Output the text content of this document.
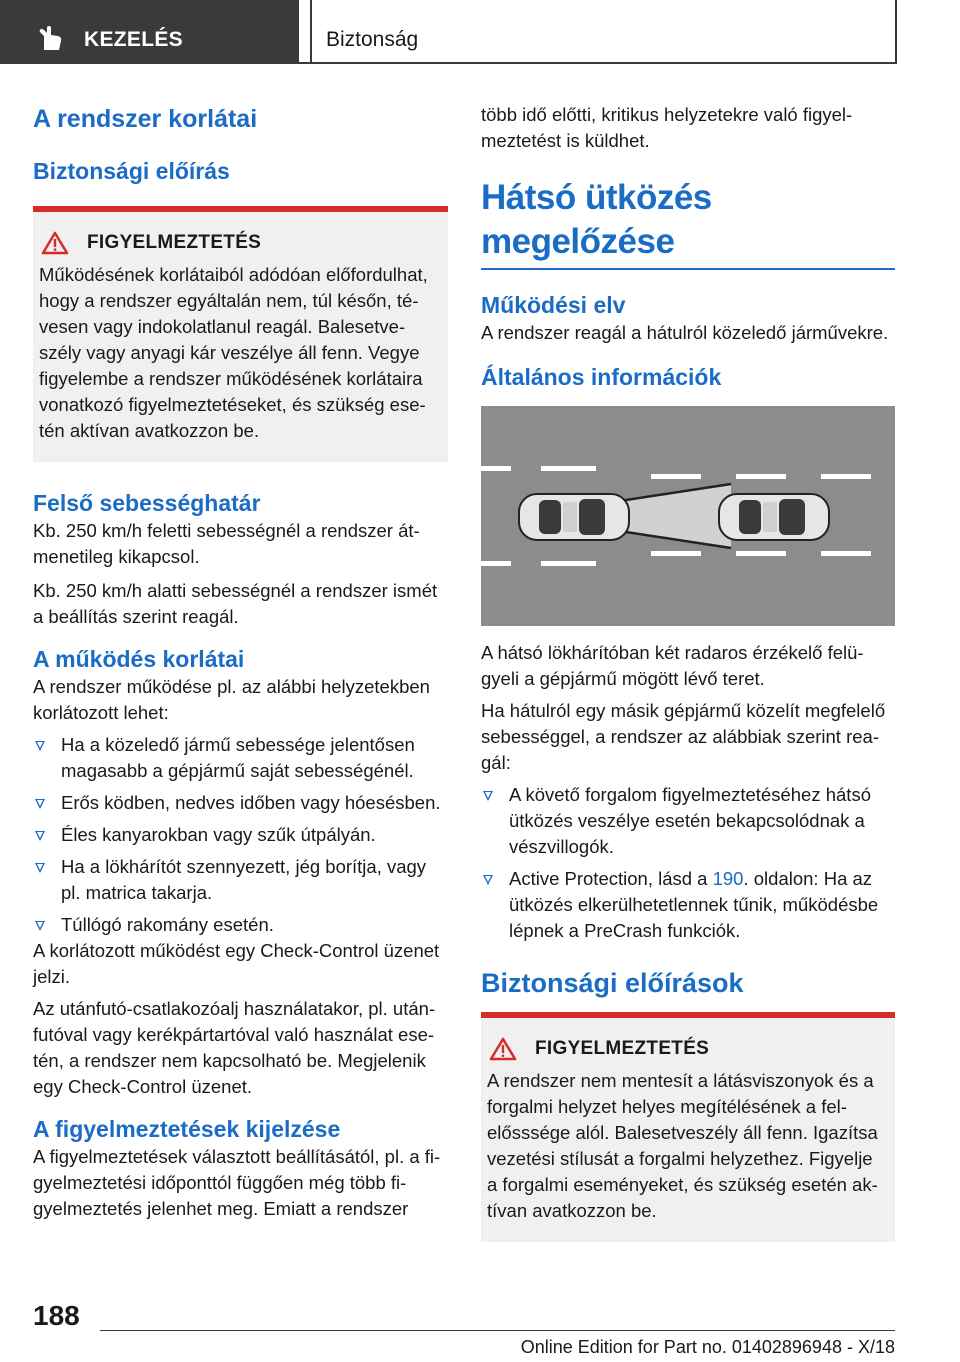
KEZELÉS	Biztonság
A rendszer korlátai
Biztonsági előírás
FIGYELMEZTETÉS

Működésének korlátaiból adódóan előfordulhat, hogy a rendszer egyáltalán nem, túl későn, tévesen vagy indokolatlanul reagál. Balesetveszély vagy anyagi kár veszélye áll fenn. Vegye figyelembe a rendszer működésének korlátaira vonatkozó figyelmeztetéseket, és szükség esetén aktívan avatkozzon be.

Felső sebességhatár

Kb. 250 km/h feletti sebességnél a rendszer átmenetileg kikapcsol.

Kb. 250 km/h alatti sebességnél a rendszer ismét a beállítás szerint reagál.

A működés korlátai

A rendszer működése pl. az alábbi helyzetekben korlátozott lehet:

Ha a közeledő jármű sebessége jelentősen magasabb a gépjármű saját sebességénél.
Erős ködben, nedves időben vagy hóesésben.
Éles kanyarokban vagy szűk útpályán.
Ha a lökhárítót szennyezett, jég borítja, vagy pl. matrica takarja.
Túllógó rakomány esetén.

A korlátozott működést egy Check-Control üzenet jelzi.

Az utánfutó-csatlakozóalj használatakor, pl. utánfutóval vagy kerékpártartóval való használat esetén, a rendszer nem kapcsolható be. Megjelenik egy Check-Control üzenet.

A figyelmeztetések kijelzése

A figyelmeztetések választott beállításától, pl. a figyelmeztetési időponttól függően még több figyelmeztetés jelenhet meg. Emiatt a rendszer

több idő előtti, kritikus helyzetekre való figyelmeztetést is küldhet.

Hátsó ütközés megelőzése
Működési elv

A rendszer reagál a hátulról közeledő járművekre.

Általános információk

A hátsó lökhárítóban két radaros érzékelő felügyeli a gépjármű mögött lévő teret.

Ha hátulról egy másik gépjármű közelít megfelelő sebességgel, a rendszer az alábbiak szerint reagál:

A követő forgalom figyelmeztetéséhez hátsó ütközés veszélye esetén bekapcsolódnak a vészvillogók.
Active Protection, lásd a 190. oldalon: Ha az ütközés elkerülhetetlennek tűnik, működésbe lépnek a PreCrash funkciók.
Biztonsági előírások
FIGYELMEZTETÉS

A rendszer nem mentesít a látásviszonyok és a forgalmi helyzet helyes megítélésének a felelősssége alól. Balesetveszély áll fenn. Igazítsa vezetési stílusát a forgalmi helyzethez. Figyelje a forgalmi eseményeket, és szükség esetén aktívan avatkozzon be.

188
Online Edition for Part no. 01402896948 - X/18
